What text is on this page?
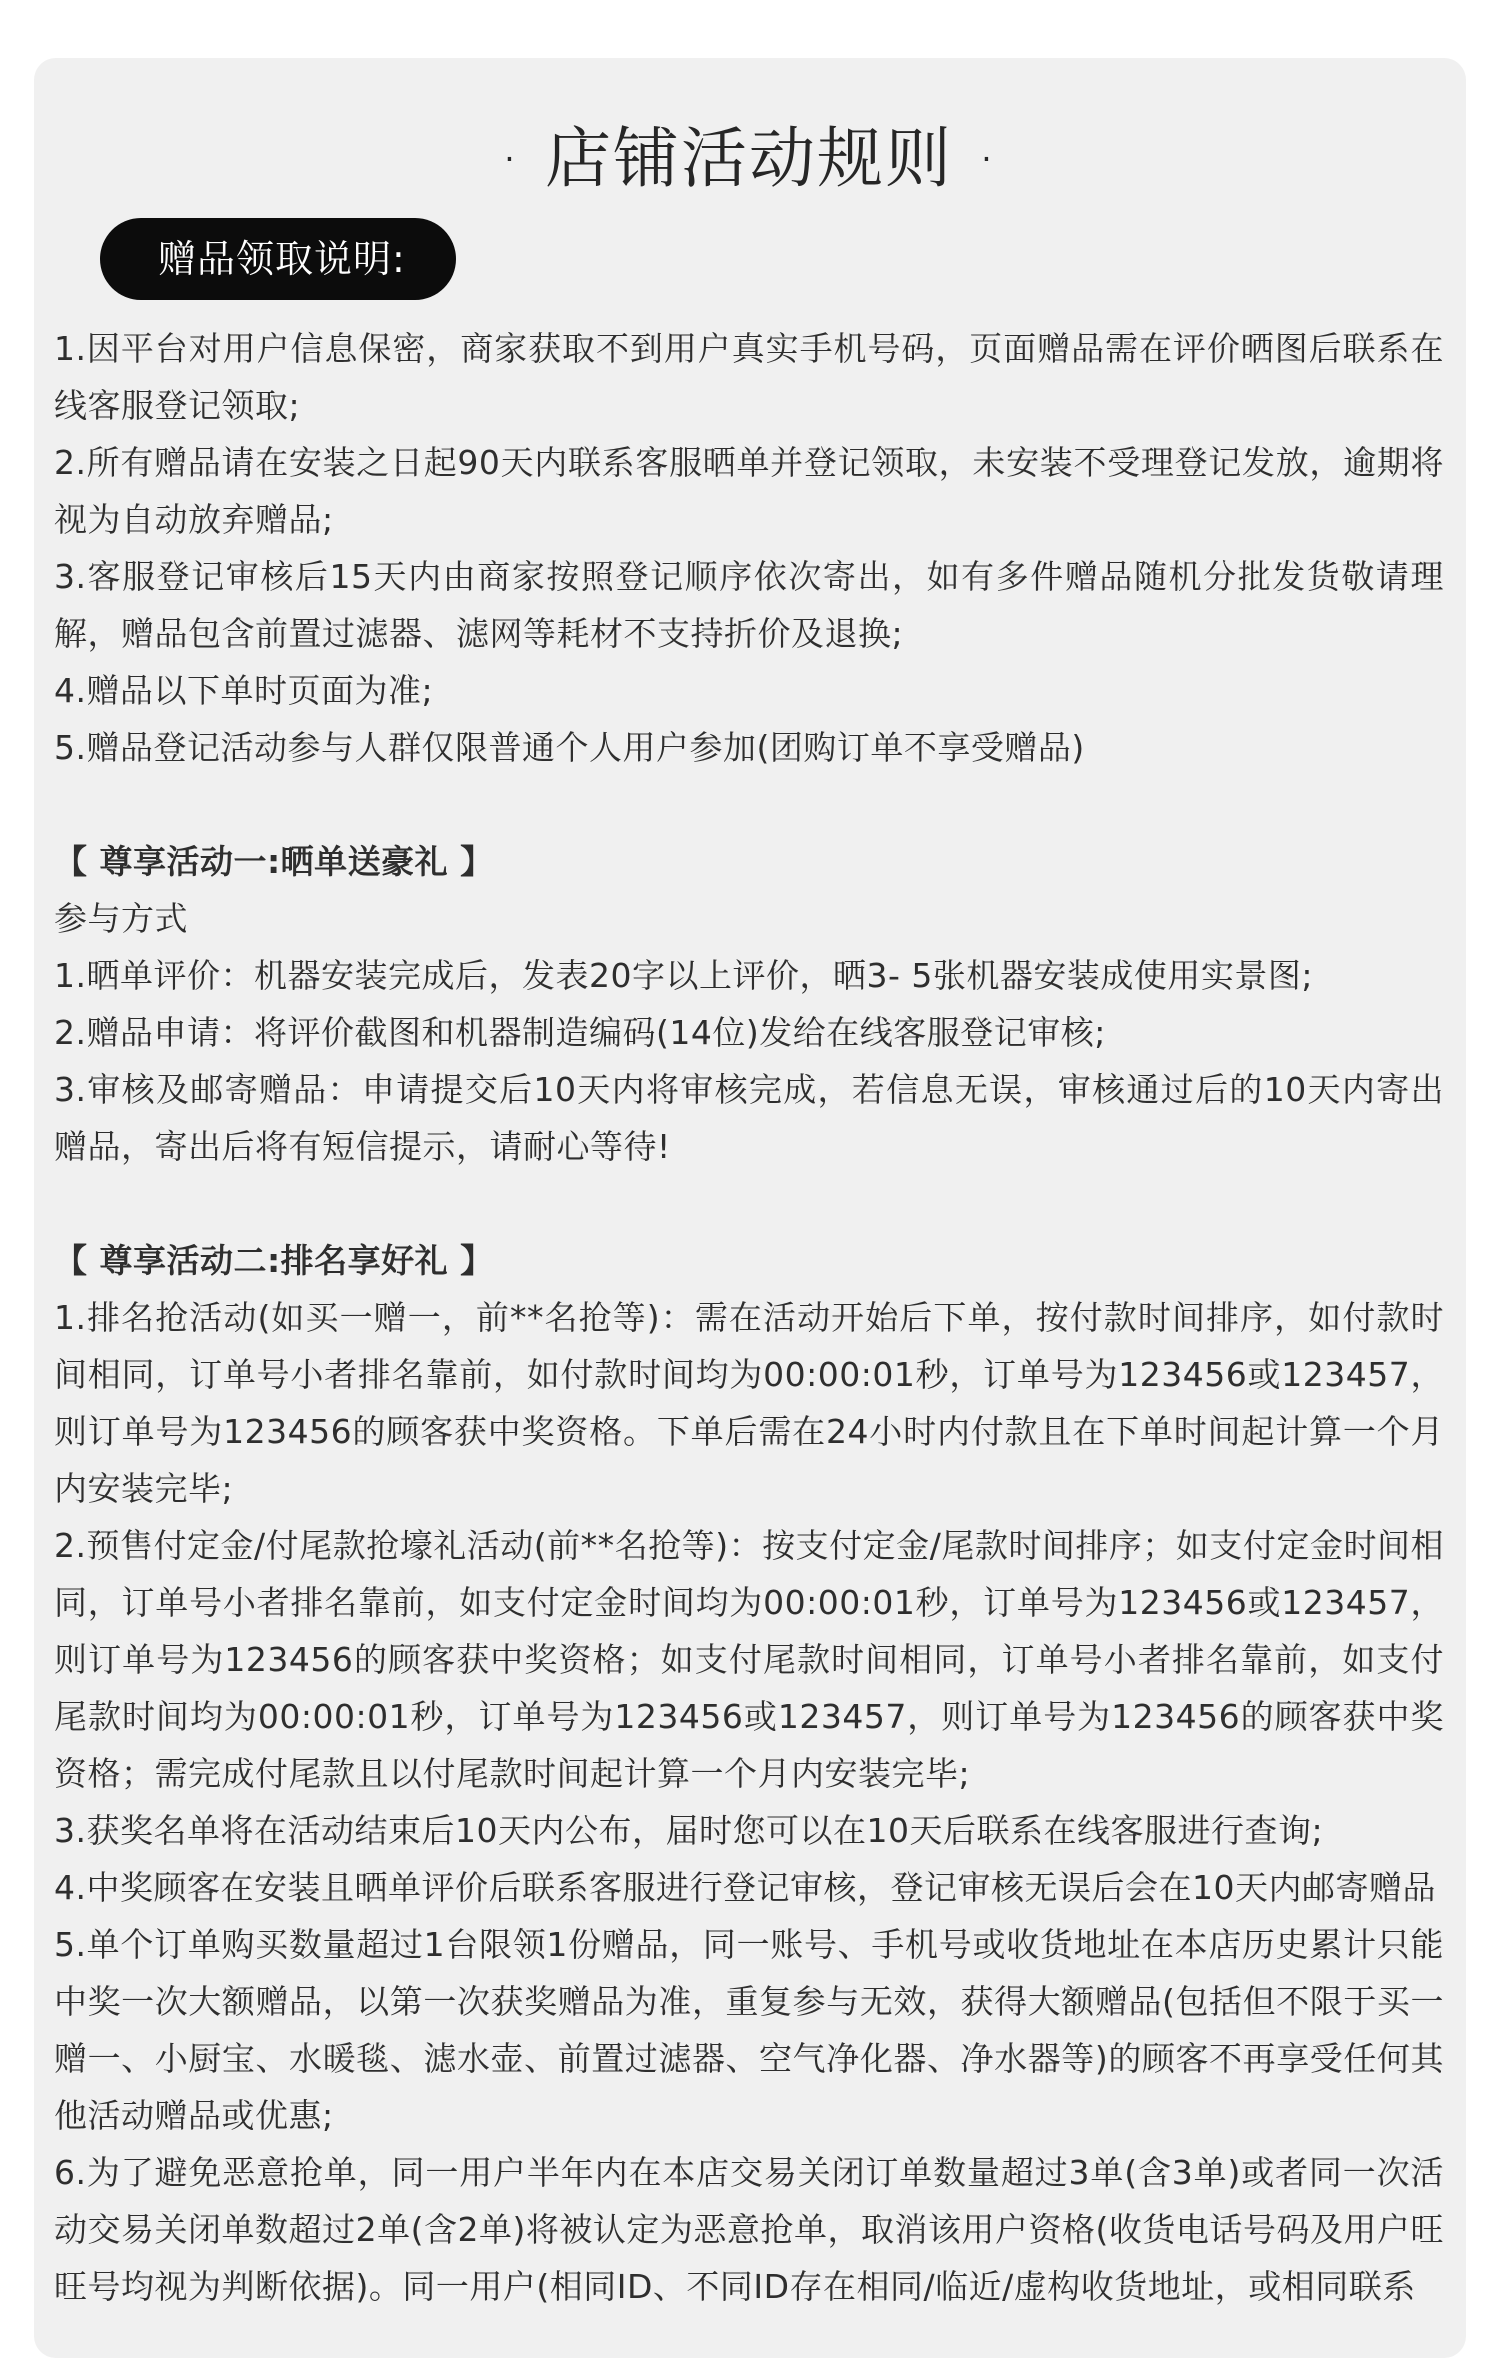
· 店铺活动规则 ·
赠品领取说明:

1.因平台对用户信息保密，商家获取不到用户真实手机号码，页面赠品需在评价晒图后联系在线客服登记领取;

2.所有赠品请在安装之日起90天内联系客服晒单并登记领取，未安装不受理登记发放，逾期将视为自动放弃赠品;

3.客服登记审核后15天内由商家按照登记顺序依次寄出，如有多件赠品随机分批发货敬请理解，赠品包含前置过滤器、滤网等耗材不支持折价及退换;

4.赠品以下单时页面为准;

5.赠品登记活动参与人群仅限普通个人用户参加(团购订单不享受赠品)

【 尊享活动一:晒单送豪礼 】

参与方式

1.晒单评价：机器安装完成后，发表20字以上评价，晒3- 5张机器安装成使用实景图;

2.赠品申请：将评价截图和机器制造编码(14位)发给在线客服登记审核;

3.审核及邮寄赠品：申请提交后10天内将审核完成，若信息无误，审核通过后的10天内寄出赠品，寄出后将有短信提示，请耐心等待!

【 尊享活动二:排名享好礼 】

1.排名抢活动(如买一赠一，前**名抢等)：需在活动开始后下单，按付款时间排序，如付款时间相同，订单号小者排名靠前，如付款时间均为00:00:01秒，订单号为123456或123457，则订单号为123456的顾客获中奖资格。下单后需在24小时内付款且在下单时间起计算一个月内安装完毕;

2.预售付定金/付尾款抢壕礼活动(前**名抢等)：按支付定金/尾款时间排序；如支付定金时间相同，订单号小者排名靠前，如支付定金时间均为00:00:01秒，订单号为123456或123457，则订单号为123456的顾客获中奖资格；如支付尾款时间相同，订单号小者排名靠前，如支付尾款时间均为00:00:01秒，订单号为123456或123457，则订单号为123456的顾客获中奖资格；需完成付尾款且以付尾款时间起计算一个月内安装完毕;

3.获奖名单将在活动结束后10天内公布，届时您可以在10天后联系在线客服进行查询;

4.中奖顾客在安装且晒单评价后联系客服进行登记审核，登记审核无误后会在10天内邮寄赠品

5.单个订单购买数量超过1台限领1份赠品，同一账号、手机号或收货地址在本店历史累计只能中奖一次大额赠品，以第一次获奖赠品为准，重复参与无效，获得大额赠品(包括但不限于买一赠一、小厨宝、水暖毯、滤水壶、前置过滤器、空气净化器、净水器等)的顾客不再享受任何其他活动赠品或优惠;

6.为了避免恶意抢单，同一用户半年内在本店交易关闭订单数量超过3单(含3单)或者同一次活动交易关闭单数超过2单(含2单)将被认定为恶意抢单，取消该用户资格(收货电话号码及用户旺旺号均视为判断依据)。同一用户(相同ID、不同ID存在相同/临近/虚构收货地址，或相同联系
